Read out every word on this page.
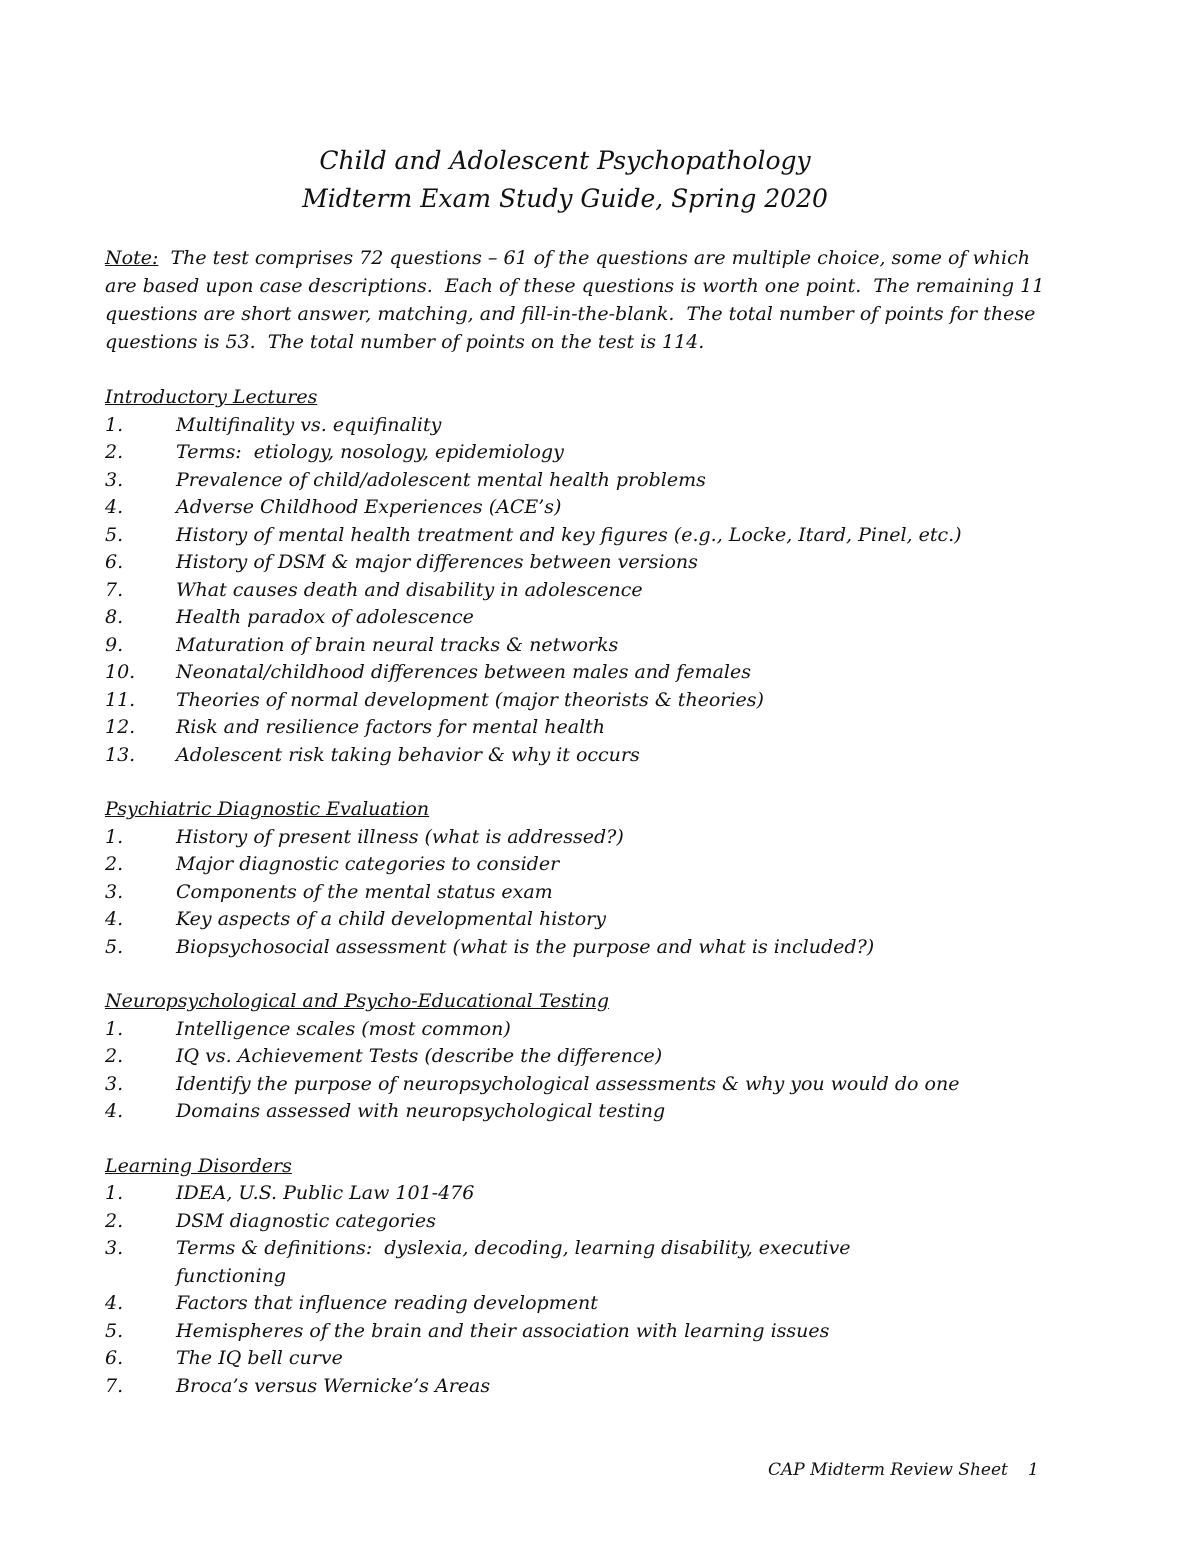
Child and Adolescent Psychopathology
Midterm Exam Study Guide, Spring 2020

Note:  The test comprises 72 questions – 61 of the questions are multiple choice, some of which are based upon case descriptions.  Each of these questions is worth one point.  The remaining 11 questions are short answer, matching, and fill-in-the-blank.  The total number of points for these questions is 53.  The total number of points on the test is 114.

Introductory Lectures
1.	Multifinality vs. equifinality
2.	Terms:  etiology, nosology, epidemiology
3.	Prevalence of child/adolescent mental health problems
4.	Adverse Childhood Experiences (ACE’s)
5.	History of mental health treatment and key figures (e.g., Locke, Itard, Pinel, etc.)
6.	History of DSM & major differences between versions
7.	What causes death and disability in adolescence
8.	Health paradox of adolescence
9.	Maturation of brain neural tracks & networks
10.	Neonatal/childhood differences between males and females
11.	Theories of normal development (major theorists & theories)
12.	Risk and resilience factors for mental health
13.	Adolescent risk taking behavior & why it occurs
Psychiatric Diagnostic Evaluation
1.	History of present illness (what is addressed?)
2.	Major diagnostic categories to consider
3.	Components of the mental status exam
4.	Key aspects of a child developmental history
5.	Biopsychosocial assessment (what is the purpose and what is included?)
Neuropsychological and Psycho-Educational Testing
1.	Intelligence scales (most common)
2.	IQ vs. Achievement Tests (describe the difference)
3.	Identify the purpose of neuropsychological assessments & why you would do one
4.	Domains assessed with neuropsychological testing
Learning Disorders
1.	IDEA, U.S. Public Law 101-476
2.	DSM diagnostic categories
3.	Terms & definitions:  dyslexia, decoding, learning disability, executive functioning
4.	Factors that influence reading development
5.	Hemispheres of the brain and their association with learning issues
6.	The IQ bell curve
7.	Broca’s versus Wernicke’s Areas
CAP Midterm Review Sheet 1
